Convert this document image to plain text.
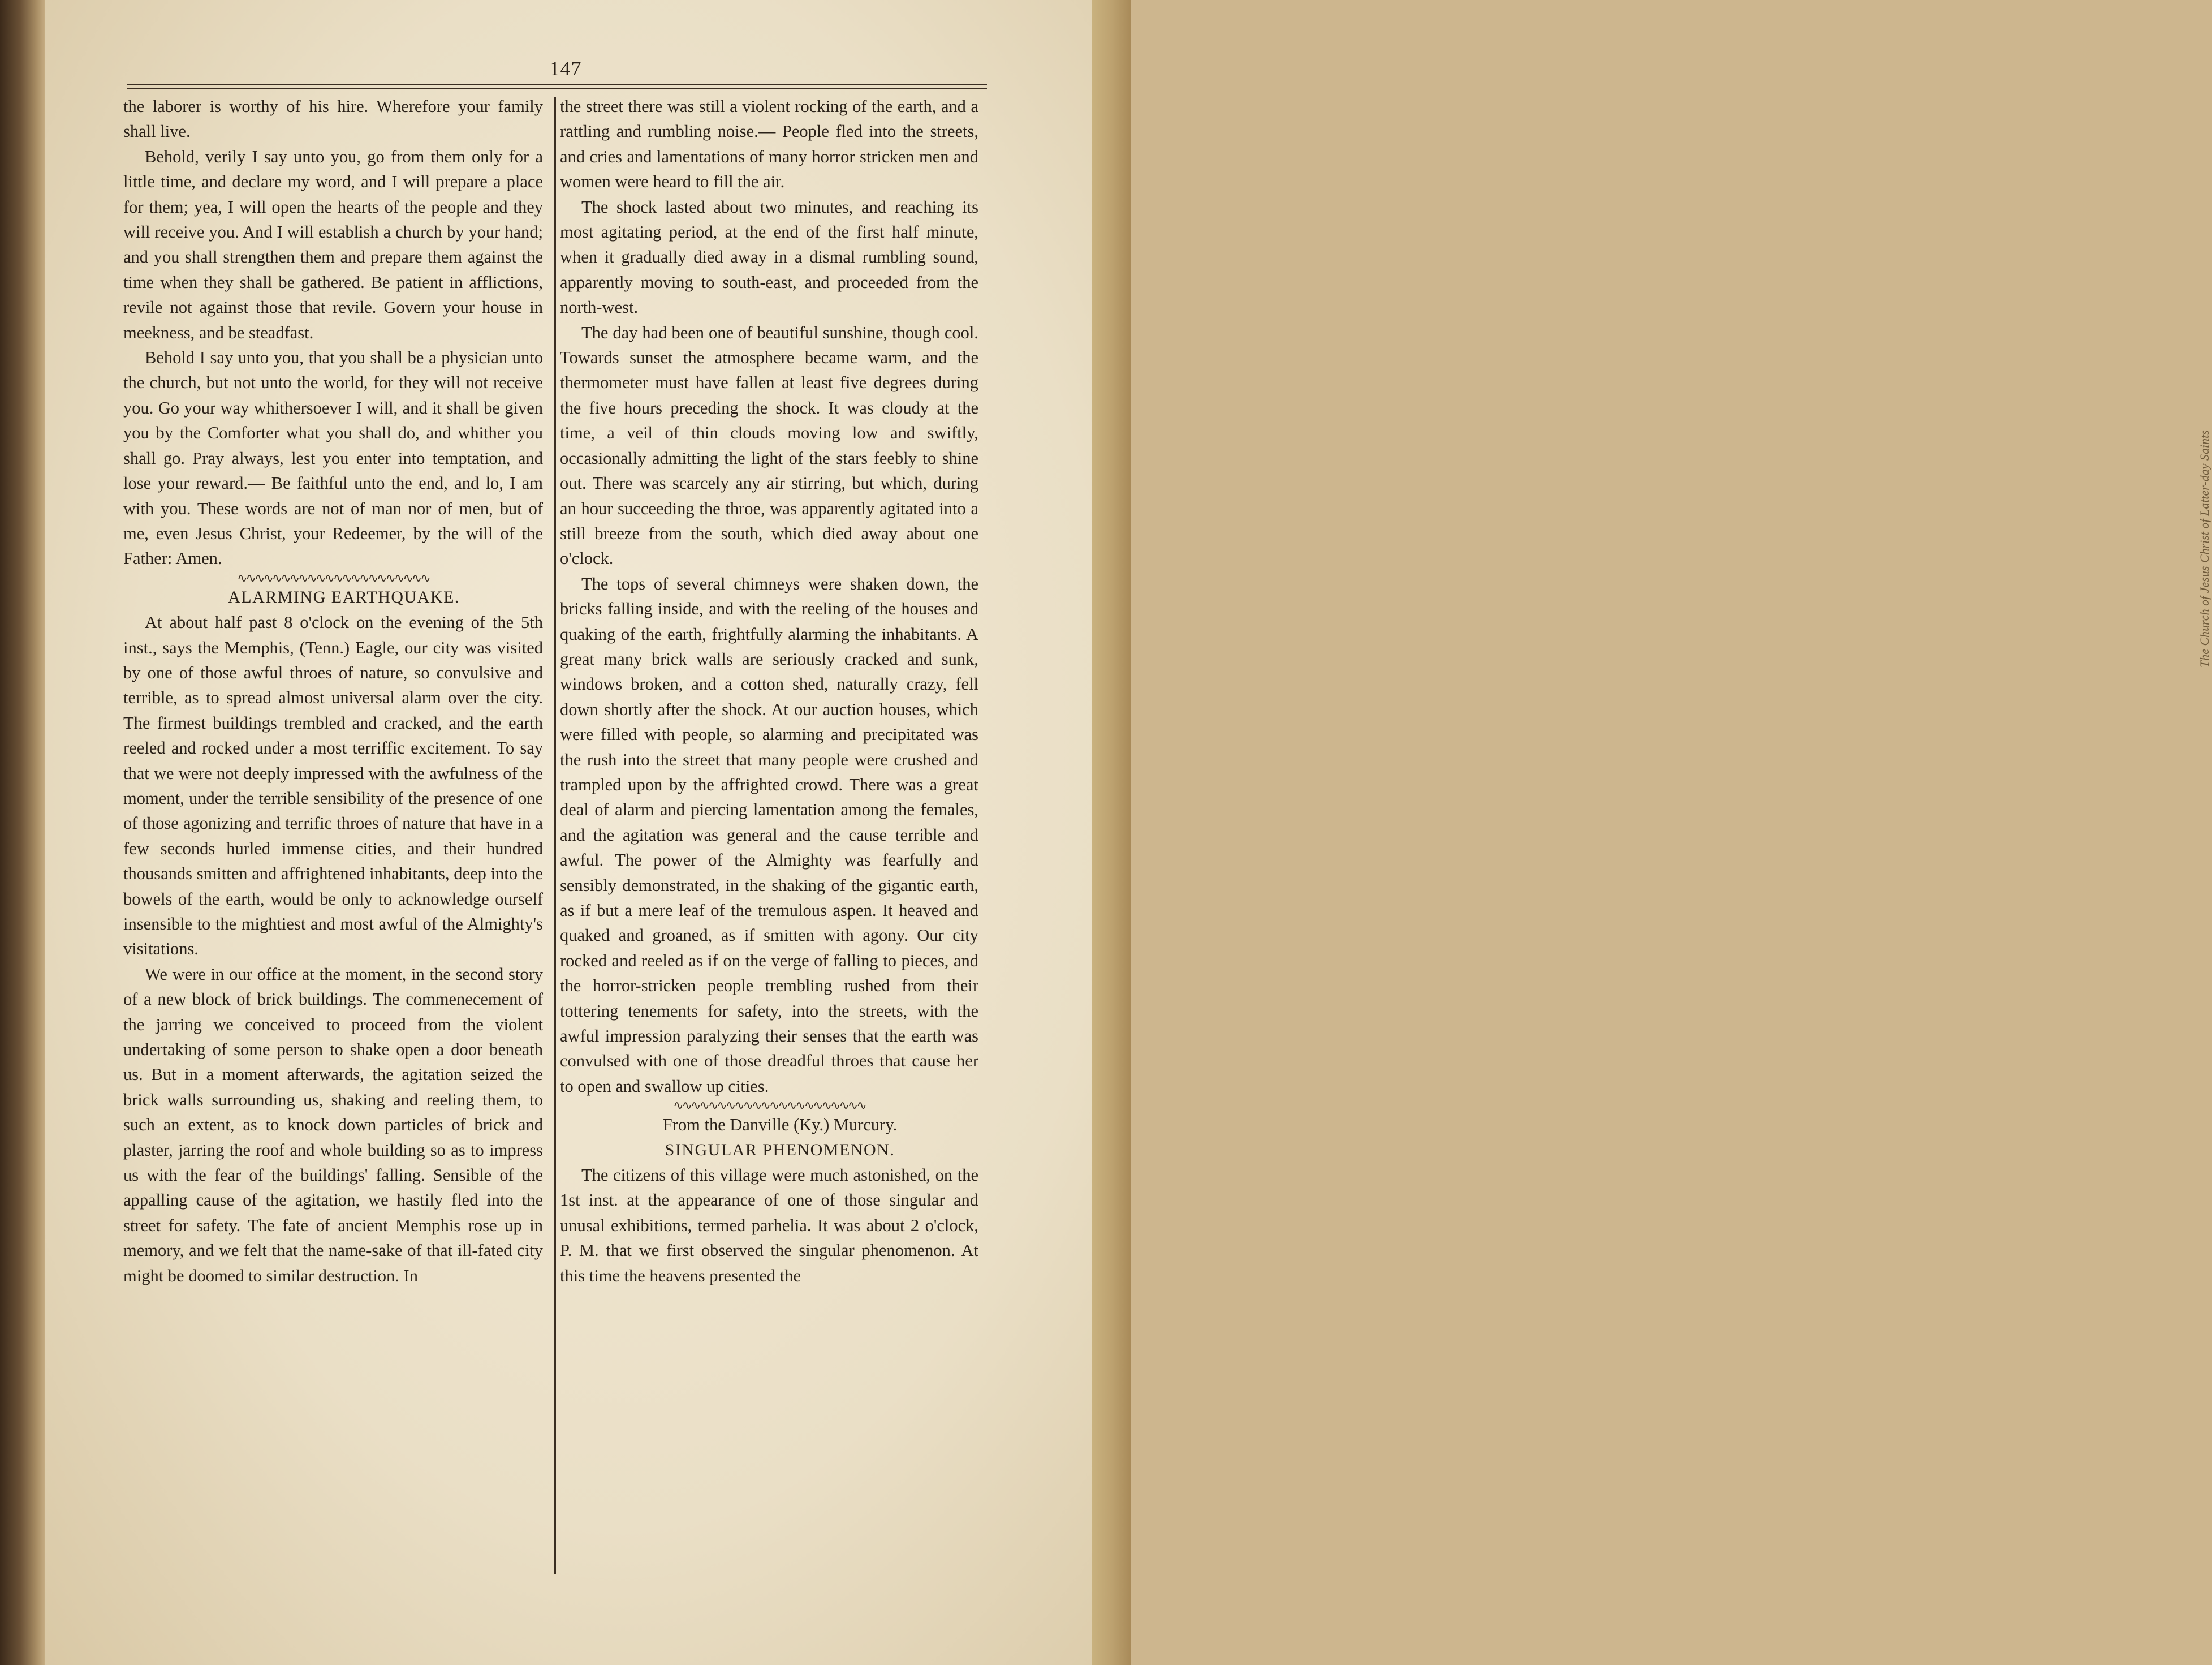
The Church of Jesus Christ of Latter-day Saints
147

the laborer is worthy of his hire. Wherefore your family shall live.

Behold, verily I say unto you, go from them only for a little time, and declare my word, and I will prepare a place for them; yea, I will open the hearts of the people and they will receive you. And I will establish a church by your hand; and you shall strengthen them and prepare them against the time when they shall be gathered. Be patient in afflictions, revile not against those that revile. Govern your house in meekness, and be steadfast.

Behold I say unto you, that you shall be a physician unto the church, but not unto the world, for they will not receive you. Go your way whithersoever I will, and it shall be given you by the Comforter what you shall do, and whither you shall go. Pray always, lest you enter into temptation, and lose your reward.— Be faithful unto the end, and lo, I am with you. These words are not of man nor of men, but of me, even Jesus Christ, your Redeemer, by the will of the Father: Amen.

∿∿∿∿∿∿∿∿∿∿∿∿∿∿∿∿∿∿∿∿∿∿

ALARMING EARTHQUAKE.

At about half past 8 o'clock on the evening of the 5th inst., says the Memphis, (Tenn.) Eagle, our city was visited by one of those awful throes of nature, so convulsive and terrible, as to spread almost universal alarm over the city. The firmest buildings trembled and cracked, and the earth reeled and rocked under a most terriffic excitement. To say that we were not deeply impressed with the awfulness of the moment, under the terrible sensibility of the presence of one of those agonizing and terrific throes of nature that have in a few seconds hurled immense cities, and their hundred thousands smitten and affrightened inhabitants, deep into the bowels of the earth, would be only to acknowledge ourself insensible to the mightiest and most awful of the Almighty's visitations.

We were in our office at the moment, in the second story of a new block of brick buildings. The commenecement of the jarring we conceived to proceed from the violent undertaking of some person to shake open a door beneath us. But in a moment afterwards, the agitation seized the brick walls surrounding us, shaking and reeling them, to such an extent, as to knock down particles of brick and plaster, jarring the roof and whole building so as to impress us with the fear of the buildings' falling. Sensible of the appalling cause of the agitation, we hastily fled into the street for safety. The fate of ancient Memphis rose up in memory, and we felt that the name-sake of that ill-fated city might be doomed to similar destruction. In

the street there was still a violent rocking of the earth, and a rattling and rumbling noise.— People fled into the streets, and cries and lamentations of many horror stricken men and women were heard to fill the air.

The shock lasted about two minutes, and reaching its most agitating period, at the end of the first half minute, when it gradually died away in a dismal rumbling sound, apparently moving to south-east, and proceeded from the north-west.

The day had been one of beautiful sunshine, though cool. Towards sunset the atmosphere became warm, and the thermometer must have fallen at least five degrees during the five hours preceding the shock. It was cloudy at the time, a veil of thin clouds moving low and swiftly, occasionally admitting the light of the stars feebly to shine out. There was scarcely any air stirring, but which, during an hour succeeding the throe, was apparently agitated into a still breeze from the south, which died away about one o'clock.

The tops of several chimneys were shaken down, the bricks falling inside, and with the reeling of the houses and quaking of the earth, frightfully alarming the inhabitants. A great many brick walls are seriously cracked and sunk, windows broken, and a cotton shed, naturally crazy, fell down shortly after the shock. At our auction houses, which were filled with people, so alarming and precipitated was the rush into the street that many people were crushed and trampled upon by the affrighted crowd. There was a great deal of alarm and piercing lamentation among the females, and the agitation was general and the cause terrible and awful. The power of the Almighty was fearfully and sensibly demonstrated, in the shaking of the gigantic earth, as if but a mere leaf of the tremulous aspen. It heaved and quaked and groaned, as if smitten with agony. Our city rocked and reeled as if on the verge of falling to pieces, and the horror-stricken people trembling rushed from their tottering tenements for safety, into the streets, with the awful impression paralyzing their senses that the earth was convulsed with one of those dreadful throes that cause her to open and swallow up cities.

∿∿∿∿∿∿∿∿∿∿∿∿∿∿∿∿∿∿∿∿∿∿

From the Danville (Ky.) Murcury.

SINGULAR PHENOMENON.

The citizens of this village were much astonished, on the 1st inst. at the appearance of one of those singular and unusal exhibitions, termed parhelia. It was about 2 o'clock, P. M. that we first observed the singular phenomenon. At this time the heavens presented the
